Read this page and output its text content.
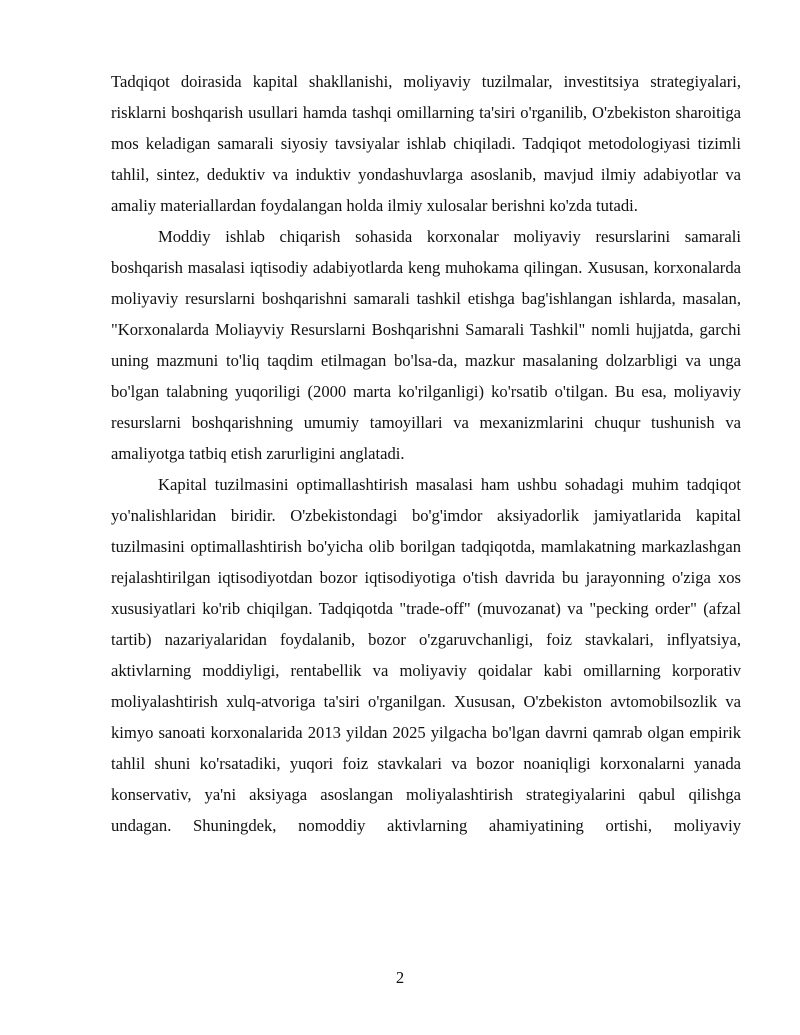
Tadqiqot doirasida kapital shakllanishi, moliyaviy tuzilmalar, investitsiya strategiyalari, risklarni boshqarish usullari hamda tashqi omillarning ta'siri o'rganilib, O'zbekiston sharoitiga mos keladigan samarali siyosiy tavsiyalar ishlab chiqiladi. Tadqiqot metodologiyasi tizimli tahlil, sintez, deduktiv va induktiv yondashuvlarga asoslanib, mavjud ilmiy adabiyotlar va amaliy materiallardan foydalangan holda ilmiy xulosalar berishni ko'zda tutadi.

Moddiy ishlab chiqarish sohasida korxonalar moliyaviy resurslarini samarali boshqarish masalasi iqtisodiy adabiyotlarda keng muhokama qilingan. Xususan, korxonalarda moliyaviy resurslarni boshqarishni samarali tashkil etishga bag'ishlangan ishlarda, masalan, "Korxonalarda Moliayviy Resurslarni Boshqarishni Samarali Tashkil" nomli hujjatda, garchi uning mazmuni to'liq taqdim etilmagan bo'lsa-da, mazkur masalaning dolzarbligi va unga bo'lgan talabning yuqoriligi (2000 marta ko'rilganligi) ko'rsatib o'tilgan. Bu esa, moliyaviy resurslarni boshqarishning umumiy tamoyillari va mexanizmlarini chuqur tushunish va amaliyotga tatbiq etish zarurligini anglatadi.

Kapital tuzilmasini optimallashtirish masalasi ham ushbu sohadagi muhim tadqiqot yo'nalishlaridan biridir. O'zbekistondagi bo'g'imdor aksiyadorlik jamiyatlarida kapital tuzilmasini optimallashtirish bo'yicha olib borilgan tadqiqotda, mamlakatning markazlashgan rejalashtirilgan iqtisodiyotdan bozor iqtisodiyotiga o'tish davrida bu jarayonning o'ziga xos xususiyatlari ko'rib chiqilgan. Tadqiqotda "trade-off" (muvozanat) va "pecking order" (afzal tartib) nazariyalaridan foydalanib, bozor o'zgaruvchanligi, foiz stavkalari, inflyatsiya, aktivlarning moddiyligi, rentabellik va moliyaviy qoidalar kabi omillarning korporativ moliyalashtirish xulq-atvoriga ta'siri o'rganilgan. Xususan, O'zbekiston avtomobilsozlik va kimyo sanoati korxonalarida 2013 yildan 2025 yilgacha bo'lgan davrni qamrab olgan empirik tahlil shuni ko'rsatadiki, yuqori foiz stavkalari va bozor noaniqligi korxonalarni yanada konservativ, ya'ni aksiyaga asoslangan moliyalashtirish strategiyalarini qabul qilishga undagan. Shuningdek, nomoddiy aktivlarning ahamiyatining ortishi, moliyaviy

2
